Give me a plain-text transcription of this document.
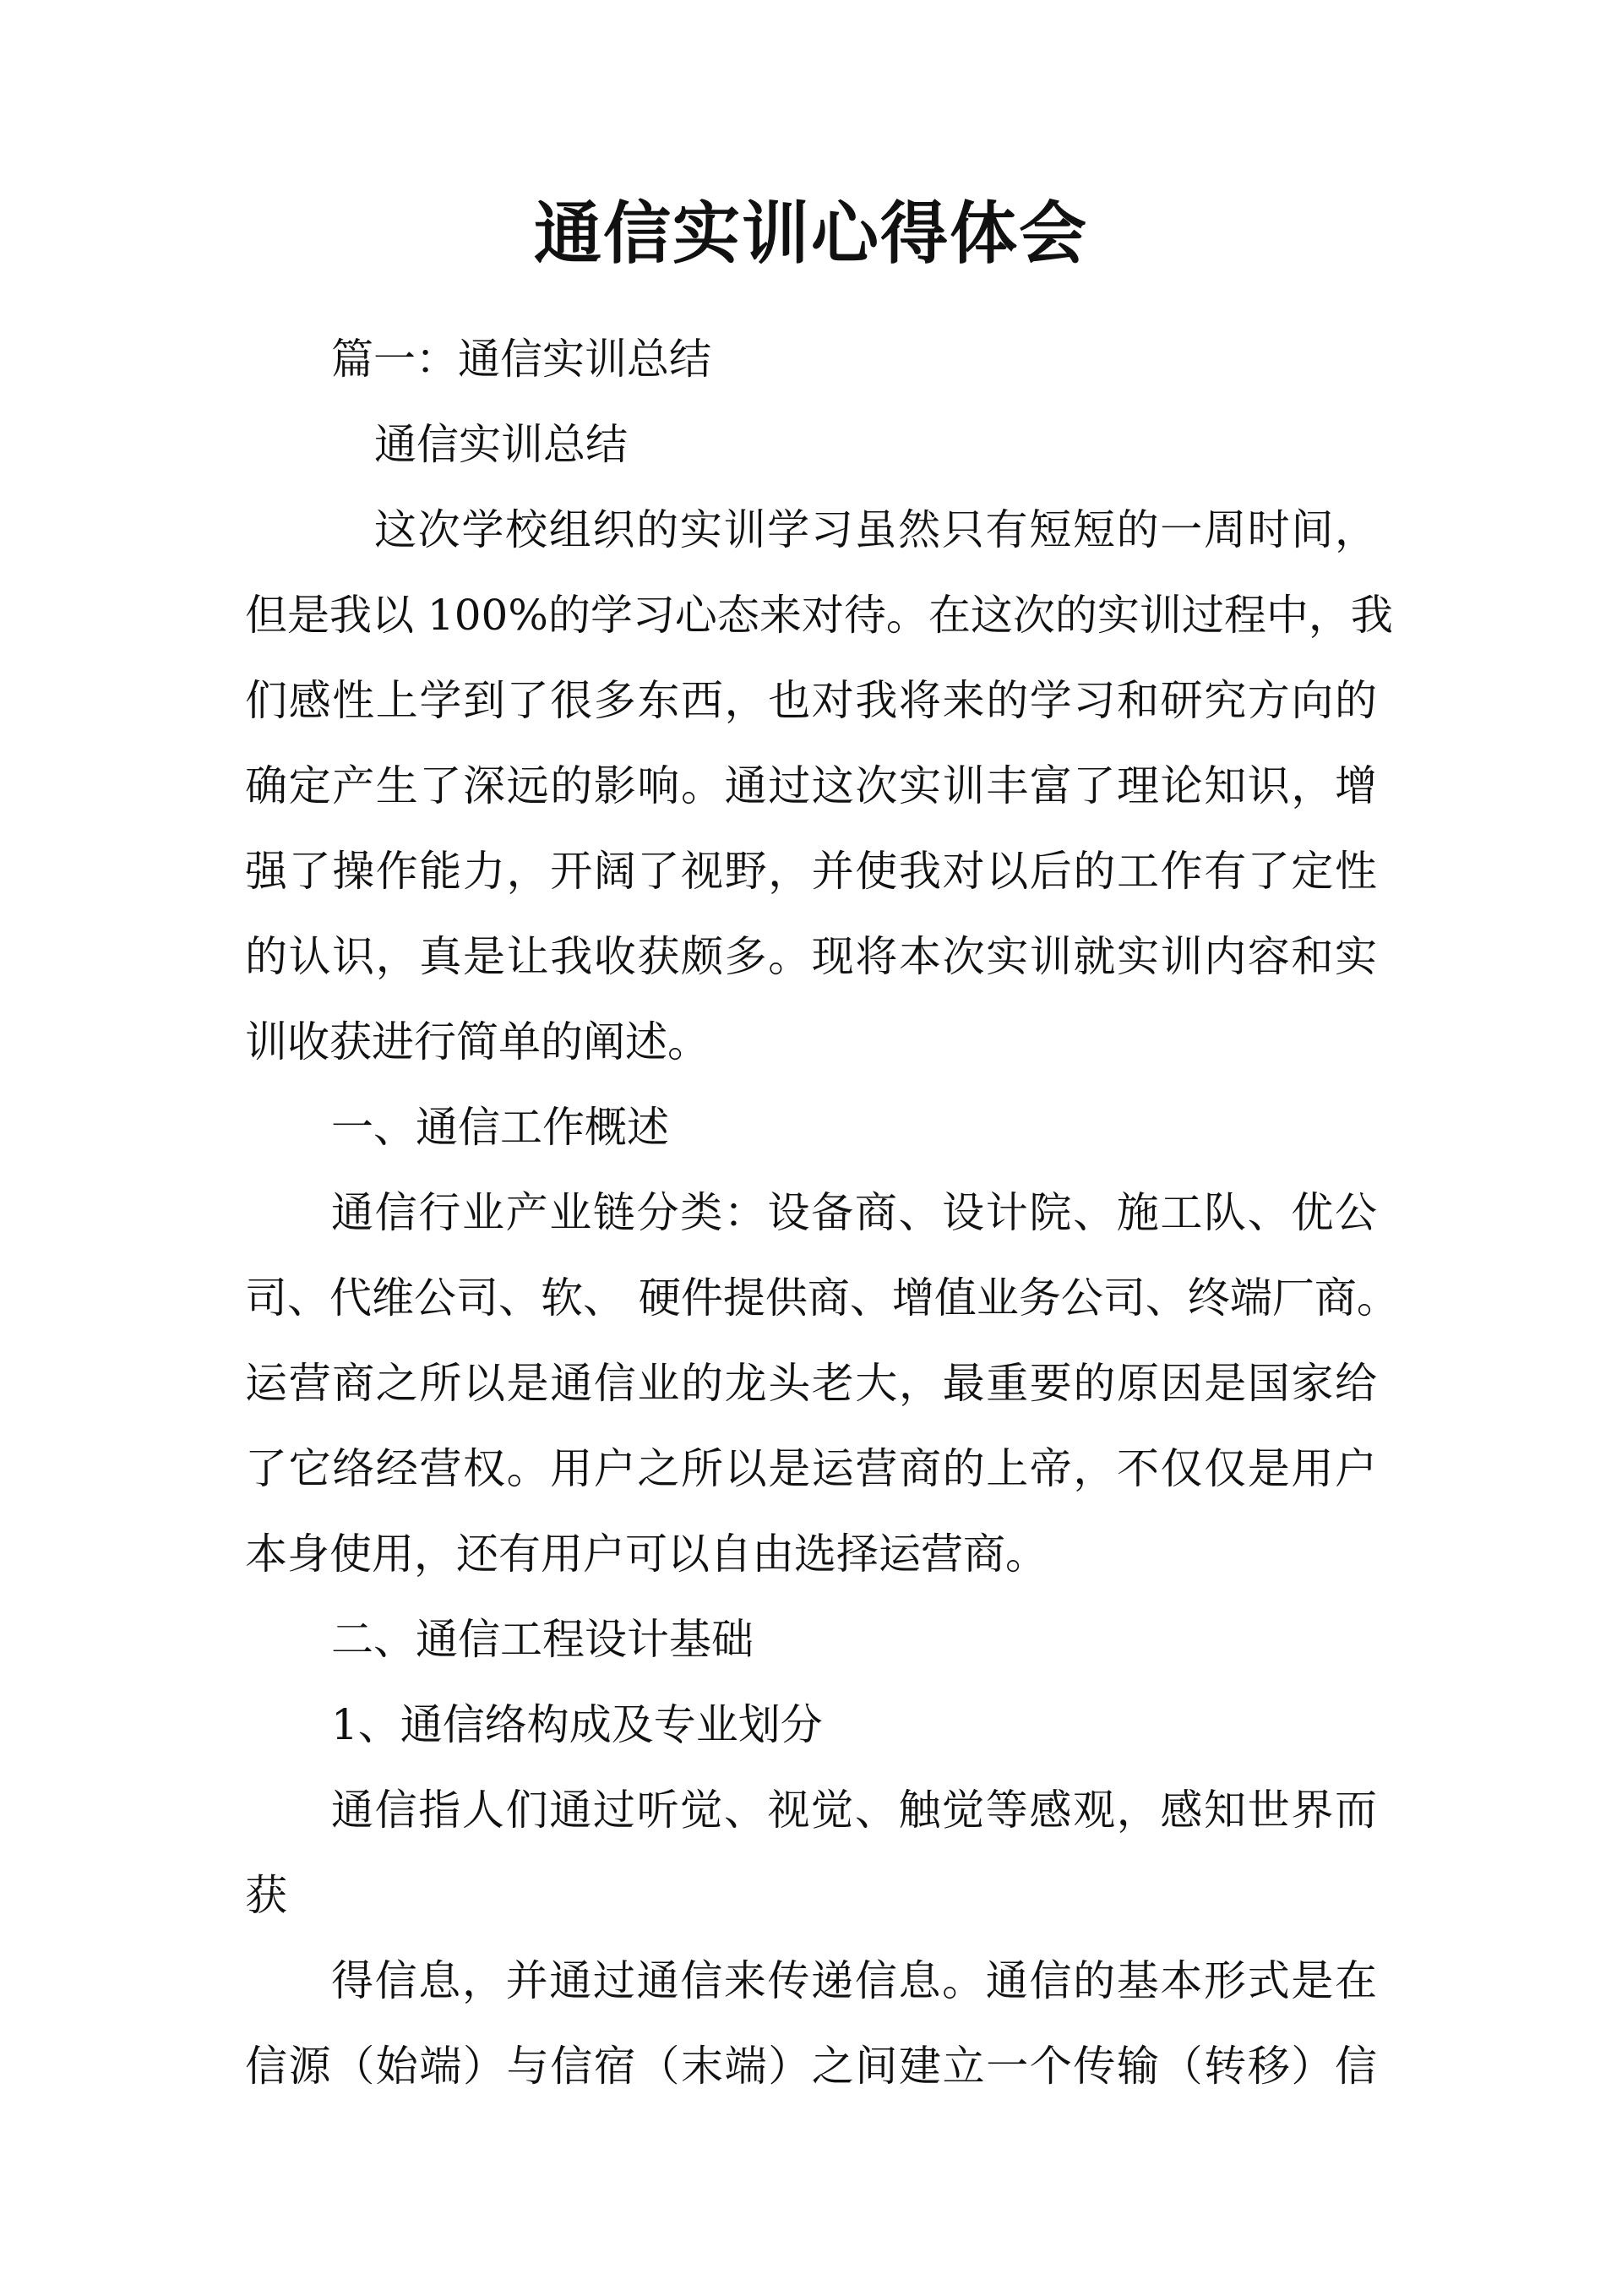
通信实训心得体会
篇一：通信实训总结
通信实训总结
这次学校组织的实训学习虽然只有短短的一周时间，
但是我以 100%的学习心态来对待。在这次的实训过程中，我
们感性上学到了很多东西，也对我将来的学习和研究方向的
确定产生了深远的影响。通过这次实训丰富了理论知识，增
强了操作能力，开阔了视野，并使我对以后的工作有了定性
的认识，真是让我收获颇多。现将本次实训就实训内容和实
训收获进行简单的阐述。
一、通信工作概述
通信行业产业链分类：设备商、设计院、施工队、优公
司、代维公司、软、 硬件提供商、增值业务公司、终端厂商。
运营商之所以是通信业的龙头老大，最重要的原因是国家给
了它络经营权。用户之所以是运营商的上帝，不仅仅是用户
本身使用，还有用户可以自由选择运营商。
二、通信工程设计基础
1、通信络构成及专业划分
通信指人们通过听觉、视觉、触觉等感观，感知世界而
获
得信息，并通过通信来传递信息。通信的基本形式是在
信源（始端）与信宿（末端）之间建立一个传输（转移）信
